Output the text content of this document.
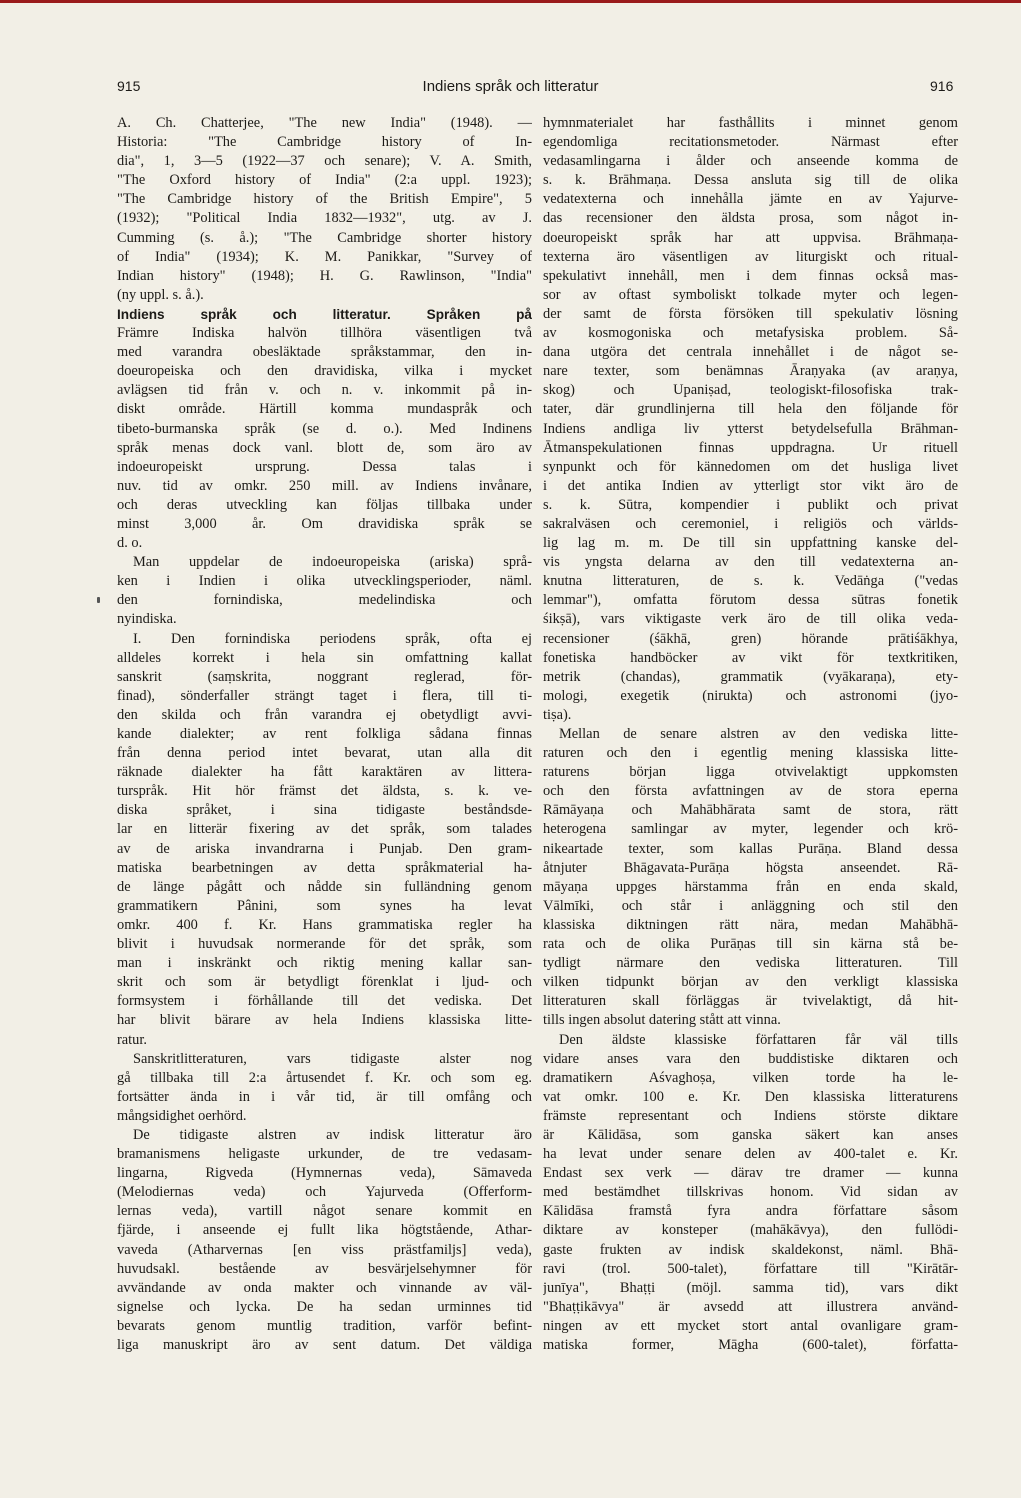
915	Indiens språk och litteratur	916
A. Ch. Chatterjee, "The new India" (1948). —
Historia: "The Cambridge history of In-
dia", 1, 3—5 (1922—37 och senare); V. A. Smith,
"The Oxford history of India" (2:a uppl. 1923);
"The Cambridge history of the British Empire", 5
(1932); "Political India 1832—1932", utg. av J.
Cumming (s. å.); "The Cambridge shorter history
of India" (1934); K. M. Panikkar, "Survey of
Indian history" (1948); H. G. Rawlinson, "India"
(ny uppl. s. å.).
Indiens språk och litteratur. Språken på
Främre Indiska halvön tillhöra väsentligen två
med varandra obesläktade språkstammar, den in-
doeuropeiska och den dravidiska, vilka i mycket
avlägsen tid från v. och n. v. inkommit på in-
diskt område. Härtill komma mundaspråk och
tibeto-burmanska språk (se d. o.). Med Indinens
språk menas dock vanl. blott de, som äro av
indoeuropeiskt ursprung. Dessa talas i
nuv. tid av omkr. 250 mill. av Indiens invånare,
och deras utveckling kan följas tillbaka under
minst 3,000 år. Om dravidiska språk se
d. o.
Man uppdelar de indoeuropeiska (ariska) språ-
ken i Indien i olika utvecklingsperioder, näml.
den fornindiska, medelindiska och
nyindiska.
I. Den fornindiska periodens språk, ofta ej
alldeles korrekt i hela sin omfattning kallat
sanskrit (saṃskrita, noggrant reglerad, för-
finad), sönderfaller strängt taget i flera, till ti-
den skilda och från varandra ej obetydligt avvi-
kande dialekter; av rent folkliga sådana finnas
från denna period intet bevarat, utan alla dit
räknade dialekter ha fått karaktären av littera-
turspråk. Hit hör främst det äldsta, s. k. ve-
diska språket, i sina tidigaste beståndsde-
lar en litterär fixering av det språk, som talades
av de ariska invandrarna i Punjab. Den gram-
matiska bearbetningen av detta språkmaterial ha-
de länge pågått och nådde sin fulländning genom
grammatikern Pânini, som synes ha levat
omkr. 400 f. Kr. Hans grammatiska regler ha
blivit i huvudsak normerande för det språk, som
man i inskränkt och riktig mening kallar san-
skrit och som är betydligt förenklat i ljud- och
formsystem i förhållande till det vediska. Det
har blivit bärare av hela Indiens klassiska litte-
ratur.
Sanskritlitteraturen, vars tidigaste alster nog
gå tillbaka till 2:a årtusendet f. Kr. och som eg.
fortsätter ända in i vår tid, är till omfång och
mångsidighet oerhörd.
De tidigaste alstren av indisk litteratur äro
bramanismens heligaste urkunder, de tre vedasam-
lingarna, Rigveda (Hymnernas veda), Sāmaveda
(Melodiernas veda) och Yajurveda (Offerform-
lernas veda), vartill något senare kommit en
fjärde, i anseende ej fullt lika högtstående, Athar-
vaveda (Atharvernas [en viss prästfamiljs] veda),
huvudsakl. bestående av besvärjelsehymner för
avvändande av onda makter och vinnande av väl-
signelse och lycka. De ha sedan urminnes tid
bevarats genom muntlig tradition, varför befint-
liga manuskript äro av sent datum. Det väldiga
hymnmaterialet har fasthållits i minnet genom
egendomliga recitationsmetoder. Närmast efter
vedasamlingarna i ålder och anseende komma de
s. k. Brāhmaṇa. Dessa ansluta sig till de olika
vedatexterna och innehålla jämte en av Yajurve-
das recensioner den äldsta prosa, som något in-
doeuropeiskt språk har att uppvisa. Brāhmaṇa-
texterna äro väsentligen av liturgiskt och ritual-
spekulativt innehåll, men i dem finnas också mas-
sor av oftast symboliskt tolkade myter och legen-
der samt de första försöken till spekulativ lösning
av kosmogoniska och metafysiska problem. Så-
dana utgöra det centrala innehållet i de något se-
nare texter, som benämnas Āraṇyaka (av araṇya,
skog) och Upaniṣad, teologiskt-filosofiska trak-
tater, där grundlinjerna till hela den följande för
Indiens andliga liv ytterst betydelsefulla Brāhman-
Ātmanspekulationen finnas uppdragna. Ur rituell
synpunkt och för kännedomen om det husliga livet
i det antika Indien av ytterligt stor vikt äro de
s. k. Sūtra, kompendier i publikt och privat
sakralväsen och ceremoniel, i religiös och världs-
lig lag m. m. De till sin uppfattning kanske del-
vis yngsta delarna av den till vedatexterna an-
knutna litteraturen, de s. k. Vedāṅga ("vedas
lemmar"), omfatta förutom dessa sūtras fonetik
śikṣā), vars viktigaste verk äro de till olika veda-
recensioner (śākhā, gren) hörande prātiśākhya,
fonetiska handböcker av vikt för textkritiken,
metrik (chandas), grammatik (vyākaraṇa), ety-
mologi, exegetik (nirukta) och astronomi (jyo-
tiṣa).
Mellan de senare alstren av den vediska litte-
raturen och den i egentlig mening klassiska litte-
raturens början ligga otvivelaktigt uppkomsten
och den första avfattningen av de stora eperna
Rāmāyaṇa och Mahābhārata samt de stora, rätt
heterogena samlingar av myter, legender och krö-
nikeartade texter, som kallas Purāṇa. Bland dessa
åtnjuter Bhāgavata-Purāṇa högsta anseendet. Rā-
māyaṇa uppges härstamma från en enda skald,
Vālmīki, och står i anläggning och stil den
klassiska diktningen rätt nära, medan Mahābhā-
rata och de olika Purāṇas till sin kärna stå be-
tydligt närmare den vediska litteraturen. Till
vilken tidpunkt början av den verkligt klassiska
litteraturen skall förläggas är tvivelaktigt, då hit-
tills ingen absolut datering stått att vinna.
Den äldste klassiske författaren får väl tills
vidare anses vara den buddistiske diktaren och
dramatikern Aśvaghoṣa, vilken torde ha le-
vat omkr. 100 e. Kr. Den klassiska litteraturens
främste representant och Indiens störste diktare
är Kālidāsa, som ganska säkert kan anses
ha levat under senare delen av 400-talet e. Kr.
Endast sex verk — därav tre dramer — kunna
med bestämdhet tillskrivas honom. Vid sidan av
Kālidāsa framstå fyra andra författare såsom
diktare av konsteper (mahākāvya), den fullödi-
gaste frukten av indisk skaldekonst, näml. Bhā-
ravi (trol. 500-talet), författare till "Kirātār-
junīya", Bhaṭṭi (möjl. samma tid), vars dikt
"Bhaṭṭikāvya" är avsedd att illustrera använd-
ningen av ett mycket stort antal ovanligare gram-
matiska former, Māgha (600-talet), författa-
